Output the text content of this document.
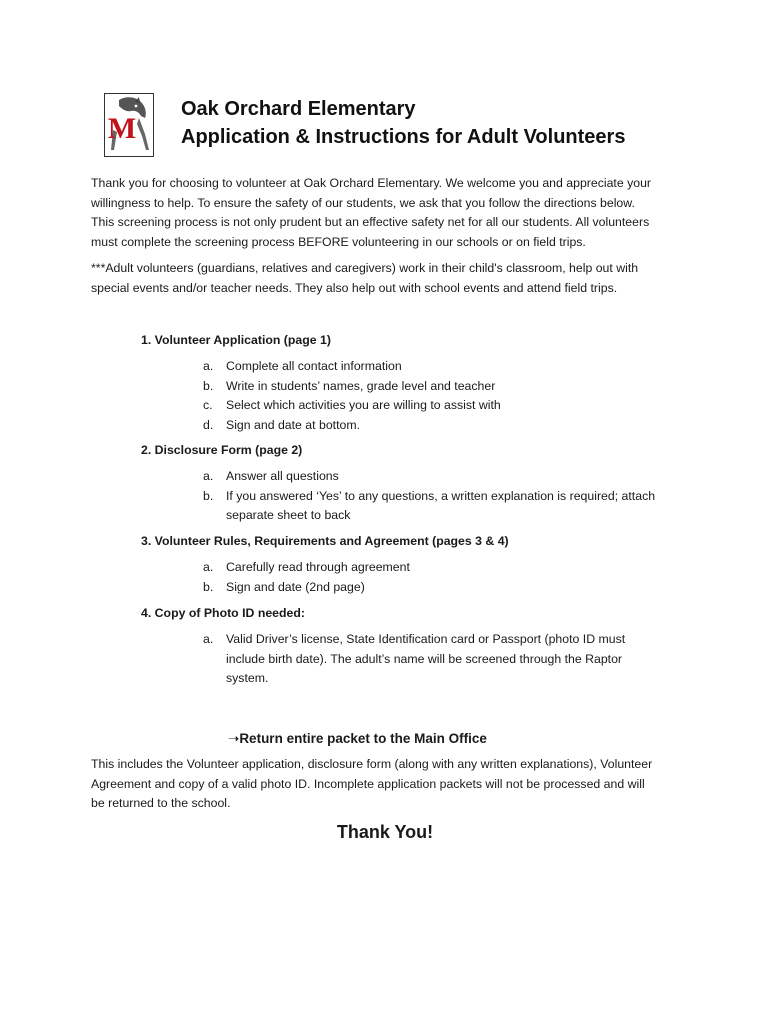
M
Oak Orchard Elementary
Application & Instructions for Adult Volunteers

Thank you for choosing to volunteer at Oak Orchard Elementary. We welcome you and appreciate your

willingness to help. To ensure the safety of our students, we ask that you follow the directions below.

This screening process is not only prudent but an effective safety net for all our students. All volunteers

must complete the screening process BEFORE volunteering in our schools or on field trips.

***Adult volunteers (guardians, relatives and caregivers) work in their child's classroom, help out with

special events and/or teacher needs. They also help out with school events and attend field trips.

1. Volunteer Application (page 1)
a. Complete all contact information
b. Write in students’ names, grade level and teacher
c. Select which activities you are willing to assist with
d. Sign and date at bottom.
2. Disclosure Form (page 2)
a. Answer all questions
b. If you answered ‘Yes’ to any questions, a written explanation is required; attach
separate sheet to back
3. Volunteer Rules, Requirements and Agreement (pages 3 & 4)
a. Carefully read through agreement
b. Sign and date (2nd page)
4. Copy of Photo ID needed:
a. Valid Driver’s license, State Identification card or Passport (photo ID must
include birth date). The adult’s name will be screened through the Raptor
system.
➝Return entire packet to the Main Office

This includes the Volunteer application, disclosure form (along with any written explanations), Volunteer

Agreement and copy of a valid photo ID. Incomplete application packets will not be processed and will

be returned to the school.

Thank You!
